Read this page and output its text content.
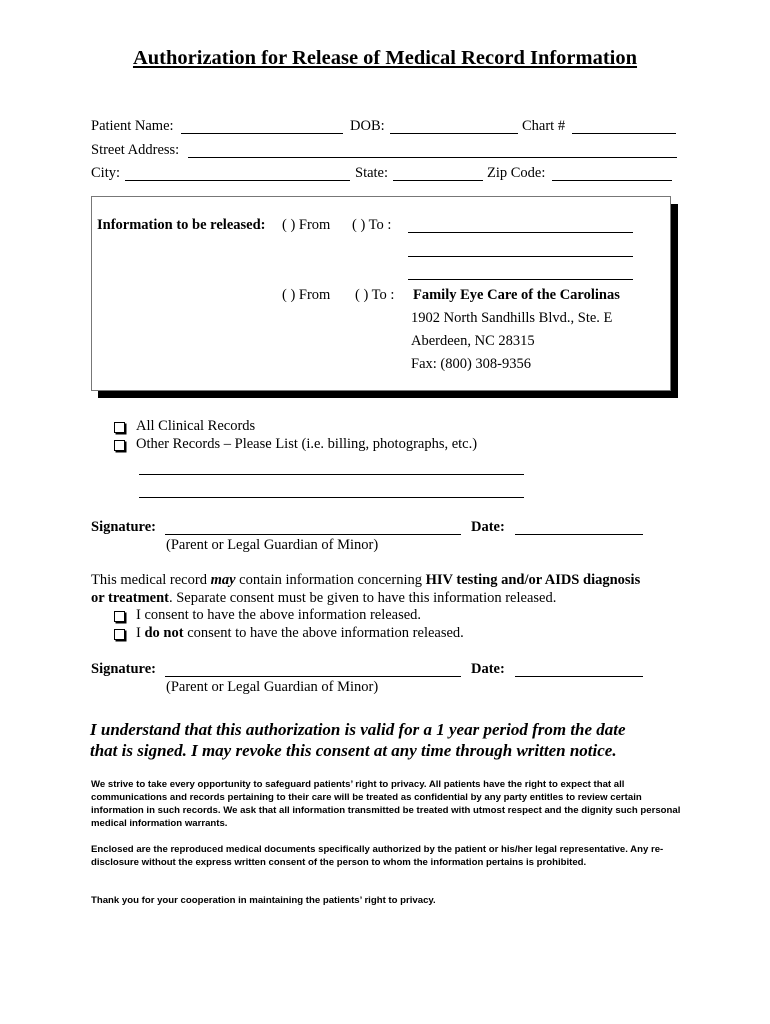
Authorization for Release of Medical Record Information
Patient Name:	DOB:	Chart #
Street Address:
City:	State:	Zip Code:
Information to be released: ( ) From ( ) To :
( ) From ( ) To : Family Eye Care of the Carolinas
1902 North Sandhills Blvd., Ste. E
Aberdeen, NC 28315
Fax: (800) 308-9356
All Clinical Records
Other Records – Please List (i.e. billing, photographs, etc.)
Signature:	Date:
(Parent or Legal Guardian of Minor)
This medical record may contain information concerning HIV testing and/or AIDS diagnosis
or treatment. Separate consent must be given to have this information released.
I consent to have the above information released.
I do not consent to have the above information released.
Signature:	Date:
(Parent or Legal Guardian of Minor)
I understand that this authorization is valid for a 1 year period from the date
that is signed. I may revoke this consent at any time through written notice.
We strive to take every opportunity to safeguard patients’ right to privacy. All patients have the right to expect that all communications and records pertaining to their care will be treated as confidential by any party entitles to review certain information in such records. We ask that all information transmitted be treated with utmost respect and the dignity such personal medical information warrants.
Enclosed are the reproduced medical documents specifically authorized by the patient or his/her legal representative. Any re-disclosure without the express written consent of the person to whom the information pertains is prohibited.
Thank you for your cooperation in maintaining the patients’ right to privacy.
